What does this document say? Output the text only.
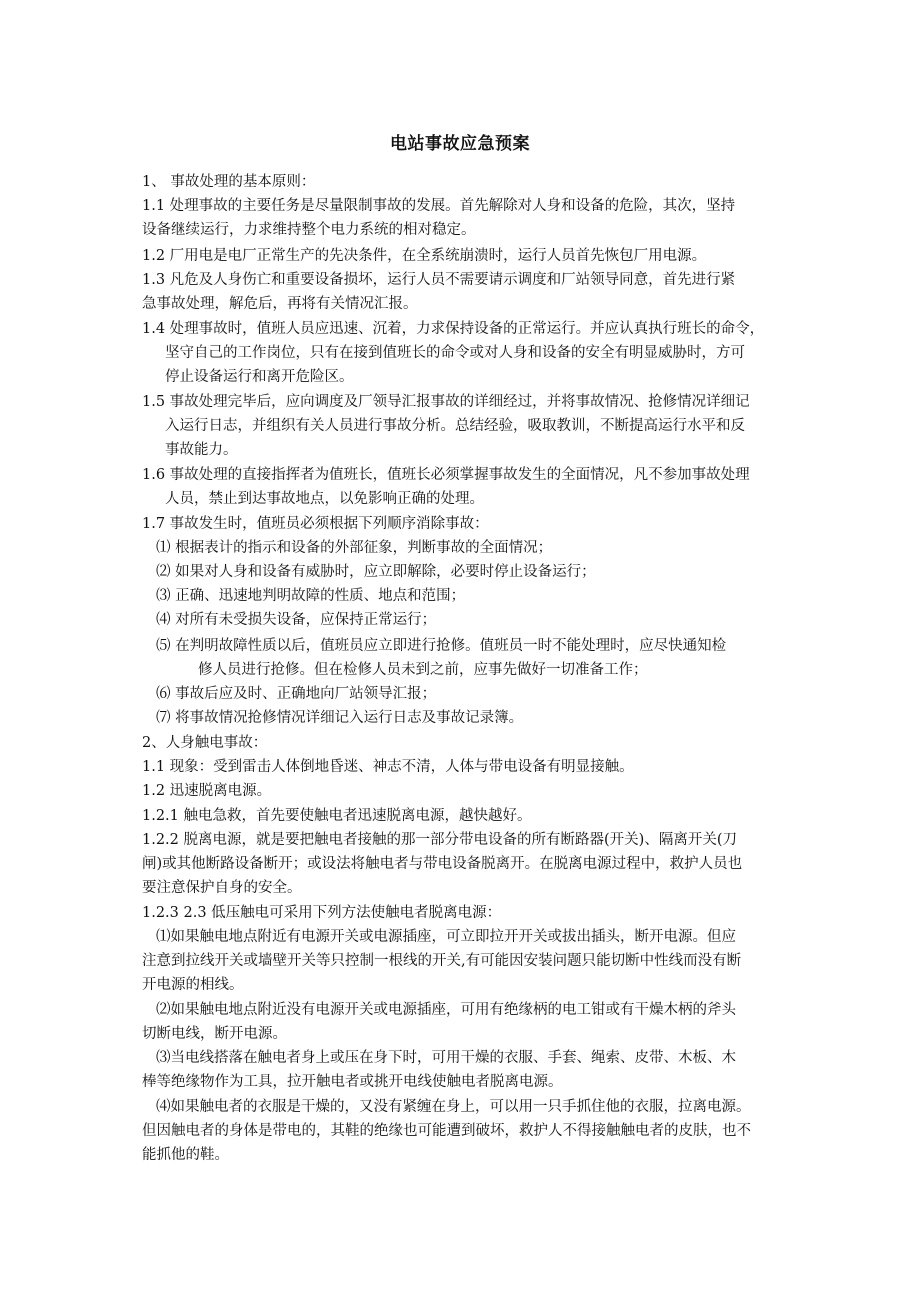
电站事故应急预案
1、 事故处理的基本原则：
1.1 处理事故的主要任务是尽量限制事故的发展。首先解除对人身和设备的危险，其次，坚持
设备继续运行，力求维持整个电力系统的相对稳定。
1.2 厂用电是电厂正常生产的先决条件，在全系统崩溃时，运行人员首先恢包厂用电源。
1.3 凡危及人身伤亡和重要设备损坏，运行人员不需要请示调度和厂站领导同意，首先进行紧
急事故处理，解危后，再将有关情况汇报。
1.4 处理事故时，值班人员应迅速、沉着，力求保持设备的正常运行。并应认真执行班长的命令，
坚守自己的工作岗位，只有在接到值班长的命令或对人身和设备的安全有明显威胁时，方可
停止设备运行和离开危险区。
1.5 事故处理完毕后，应向调度及厂领导汇报事故的详细经过，并将事故情况、抢修情况详细记
入运行日志，并组织有关人员进行事故分析。总结经验，吸取教训，不断提高运行水平和反
事故能力。
1.6 事故处理的直接指挥者为值班长，值班长必须掌握事故发生的全面情况，凡不参加事故处理
人员，禁止到达事故地点，以免影响正确的处理。
1.7 事故发生时，值班员必须根据下列顺序消除事故：
⑴ 根据表计的指示和设备的外部征象，判断事故的全面情况；
⑵ 如果对人身和设备有威胁时，应立即解除，必要时停止设备运行；
⑶ 正确、迅速地判明故障的性质、地点和范围；
⑷ 对所有未受损失设备，应保持正常运行；
⑸ 在判明故障性质以后，值班员应立即进行抢修。值班员一时不能处理时，应尽快通知检
修人员进行抢修。但在检修人员未到之前，应事先做好一切准备工作；
⑹ 事故后应及时、正确地向厂站领导汇报；
⑺ 将事故情况抢修情况详细记入运行日志及事故记录簿。
2、人身触电事故：
1.1 现象：受到雷击人体倒地昏迷、神志不清，人体与带电设备有明显接触。
1.2 迅速脱离电源。
1.2.1 触电急救，首先要使触电者迅速脱离电源，越快越好。
1.2.2 脱离电源，就是要把触电者接触的那一部分带电设备的所有断路器(开关)、隔离开关(刀
闸)或其他断路设备断开；或设法将触电者与带电设备脱离开。在脱离电源过程中，救护人员也
要注意保护自身的安全。
1.2.3 2.3 低压触电可采用下列方法使触电者脱离电源：
⑴如果触电地点附近有电源开关或电源插座，可立即拉开开关或拔出插头，断开电源。但应
注意到拉线开关或墙壁开关等只控制一根线的开关,有可能因安装问题只能切断中性线而没有断
开电源的相线。
⑵如果触电地点附近没有电源开关或电源插座，可用有绝缘柄的电工钳或有干燥木柄的斧头
切断电线，断开电源。
⑶当电线搭落在触电者身上或压在身下时，可用干燥的衣服、手套、绳索、皮带、木板、木
棒等绝缘物作为工具，拉开触电者或挑开电线使触电者脱离电源。
⑷如果触电者的衣服是干燥的，又没有紧缠在身上，可以用一只手抓住他的衣服，拉离电源。
但因触电者的身体是带电的，其鞋的绝缘也可能遭到破坏，救护人不得接触触电者的皮肤，也不
能抓他的鞋。
